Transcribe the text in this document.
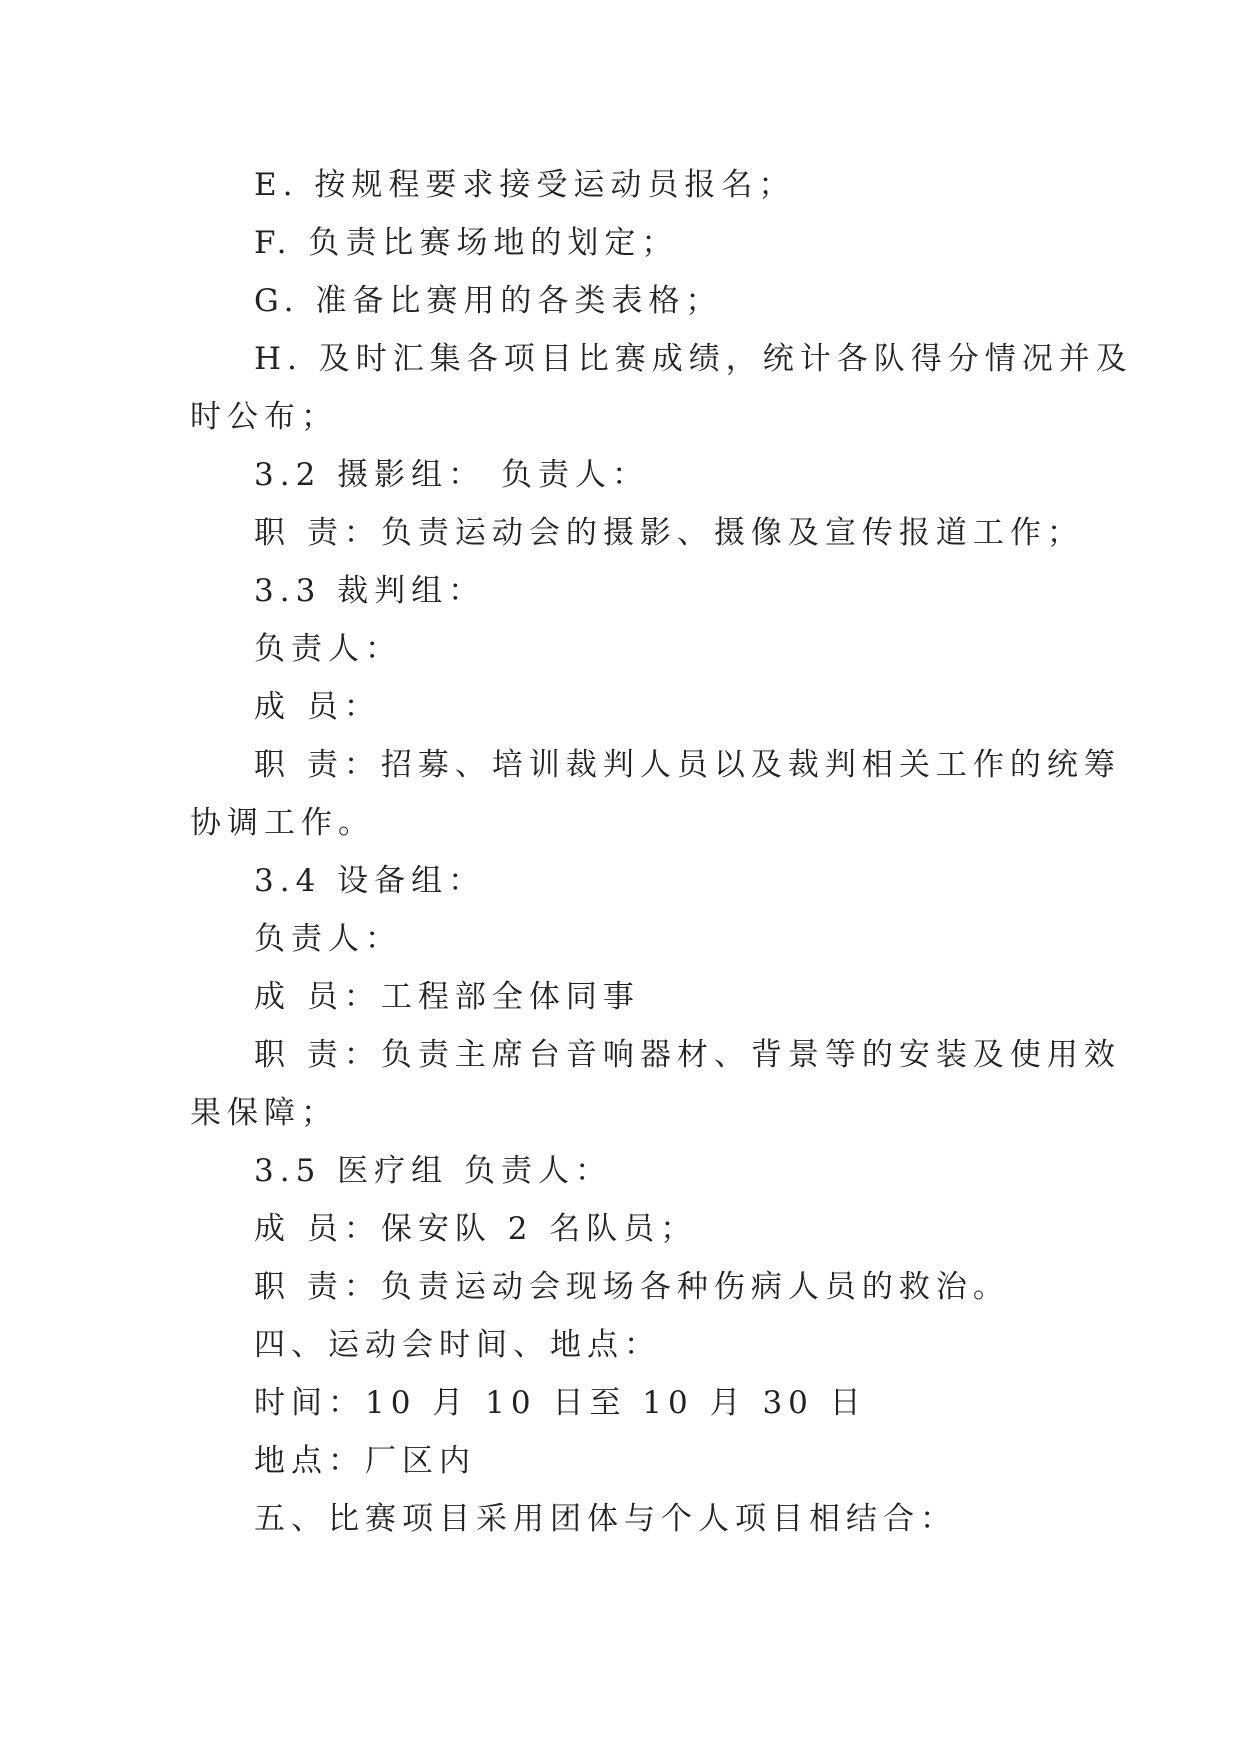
E. 按规程要求接受运动员报名；
F. 负责比赛场地的划定；
G. 准备比赛用的各类表格；
H. 及时汇集各项目比赛成绩，统计各队得分情况并及
时公布；
3.2 摄影组： 负责人：
职 责：负责运动会的摄影、摄像及宣传报道工作；
3.3 裁判组：
负责人：
成 员：
职 责：招募、培训裁判人员以及裁判相关工作的统筹
协调工作。
3.4 设备组：
负责人：
成 员：工程部全体同事
职 责：负责主席台音响器材、背景等的安装及使用效
果保障；
3.5 医疗组 负责人：
成 员：保安队 2 名队员；
职 责：负责运动会现场各种伤病人员的救治。
四、运动会时间、地点：
时间：10 月 10 日至 10 月 30 日
地点：厂区内
五、比赛项目采用团体与个人项目相结合：
